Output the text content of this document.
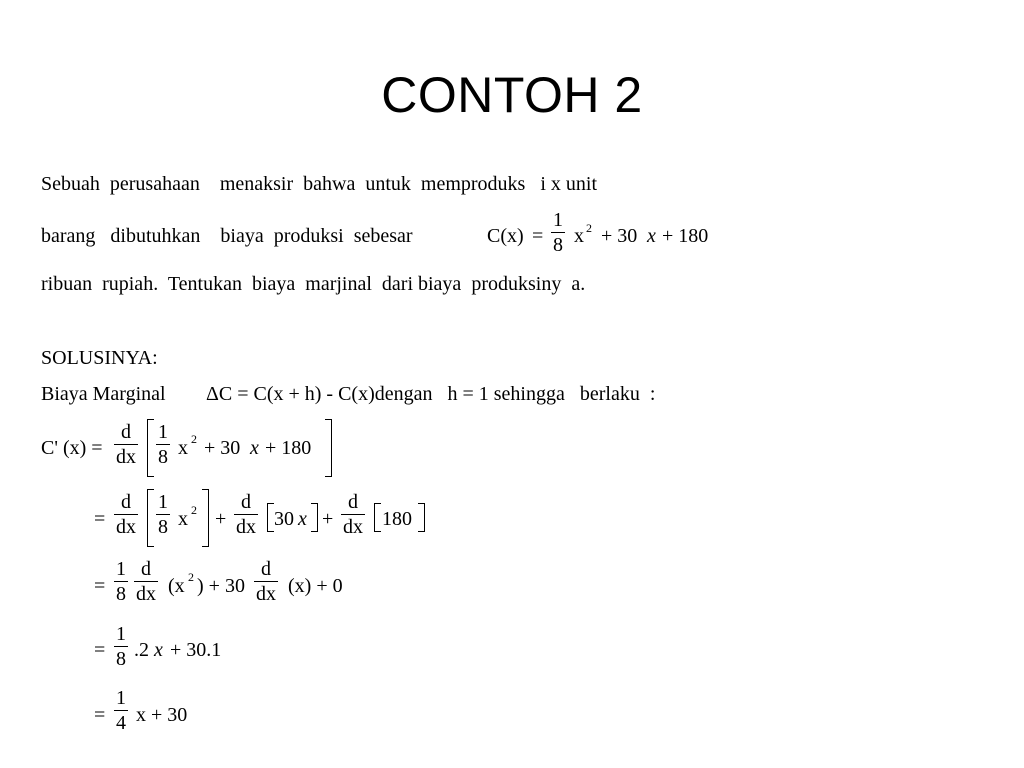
CONTOH 2
Sebuah  perusahaan    menaksir  bahwa  untuk  memproduks   i x unit
barang   dibutuhkan    biaya  produksi  sebesar	C(x) =
1
8 x 2 + 30 x + 180
ribuan  rupiah.  Tentukan  biaya  marjinal  dari biaya  produksiny  a.
SOLUSINYA:
Biaya Marginal ΔC = C(x + h) - C(x)dengan   h = 1 sehingga   berlaku  :
C' (x) =
d
dx
1
8 x 2 + 30 x + 180
=
d
dx
1
8 x 2 +
d
dx 30 x +
d
dx 180
=
1
8
d
dx (x 2 ) + 30
d
dx (x) + 0
=
1
8 .2 x + 30.1
=
1
4 x + 30
